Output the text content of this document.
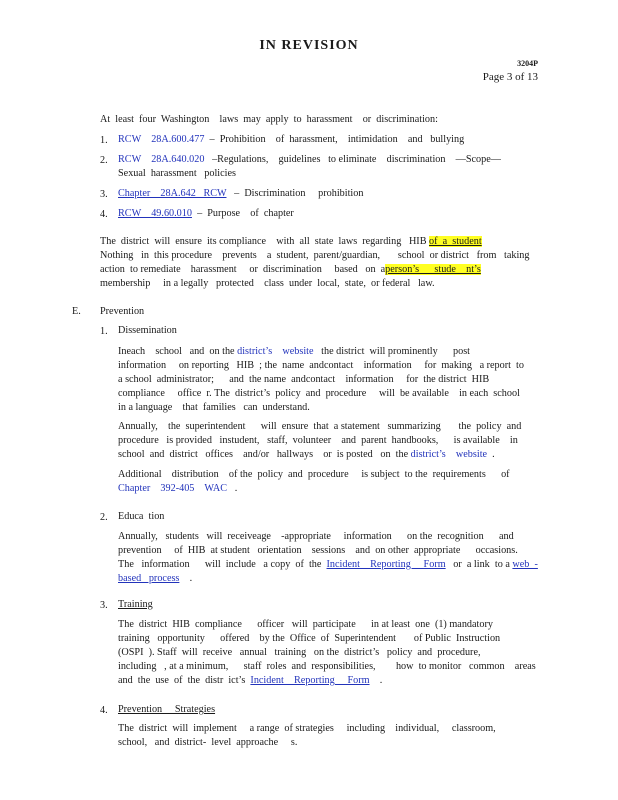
IN REVISION
3204P
Page 3 of 13
At  least  four  Washington    laws  may  apply  to  harassment    or  discrimination:
1. RCW    28A.600.477  –  Prohibition    of  harassment,    intimidation    and   bullying
2. RCW    28A.640.020   –Regulations,    guidelines   to eliminate    discrimination    —Scope—
Sexual  harassment   policies
3. Chapter    28A.642   RCW   –  Discrimination     prohibition
4. RCW    49.60.010  –  Purpose    of  chapter
The  district  will  ensure  its compliance    with  all  state  laws  regarding   HIB of  a  student
Nothing   in  this procedure    prevents    a  student,  parent/guardian,       school  or district   from   taking
action  to remediate    harassment     or  discrimination     based   on  aperson’s      stude    nt’s
membership     in a legally   protected    class  under  local,  state,  or federal   law.
E. Prevention
1. Dissemination
Ineach    school   and  on the district’s    website   the district  will prominently      post
information     on reporting   HIB  ; the  name  andcontact    information     for  making   a report  to
a school  administrator;      and  the name  andcontact    information     for  the district  HIB
compliance     office  r. The  district’s  policy  and  procedure     will  be available    in each  school
in a language    that  families   can  understand.
Annually,    the  superintendent      will  ensure  that  a statement   summarizing       the  policy  and
procedure   is provided   instudent,   staff,  volunteer    and  parent  handbooks,      is available    in
school  and  district   offices    and/or   hallways    or  is posted   on  the district’s    website  .
Additional    distribution    of the  policy  and  procedure     is subject  to the  requirements      of
Chapter    392-405    WAC   .
2. Educa  tion
Annually,   students   will  receiveage    -appropriate     information      on the  recognition      and
prevention     of  HIB  at student   orientation    sessions    and  on other  appropriate      occasions.
The   information      will  include   a copy  of  the  Incident    Reporting     Form   or  a link  to a web  -
based   process    .
3. Training
The  district  HIB  compliance      officer   will  participate      in at least  one  (1) mandatory
training   opportunity      offered    by the  Office  of  Superintendent       of Public  Instruction
(OSPI  ). Staff  will  receive   annual   training   on the  district’s   policy  and  procedure,
including   , at a minimum,      staff  roles  and  responsibilities,        how  to monitor   common    areas
and  the  use  of  the  distr  ict’s  Incident    Reporting     Form    .
4. Prevention     Strategies
The  district  will  implement     a range  of strategies     including    individual,     classroom,
school,   and  district-  level  approache     s.
